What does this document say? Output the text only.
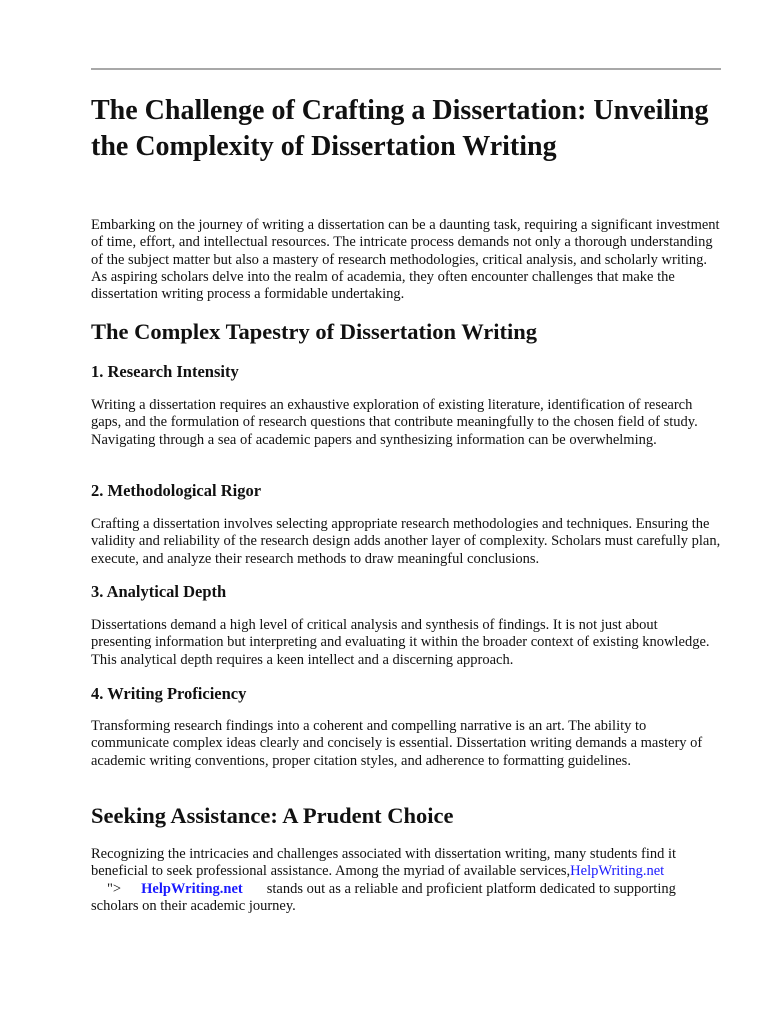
The Challenge of Crafting a Dissertation: Unveiling the Complexity of Dissertation Writing

Embarking on the journey of writing a dissertation can be a daunting task, requiring a significant investment of time, effort, and intellectual resources. The intricate process demands not only a thorough understanding of the subject matter but also a mastery of research methodologies, critical analysis, and scholarly writing. As aspiring scholars delve into the realm of academia, they often encounter challenges that make the dissertation writing process a formidable undertaking.

The Complex Tapestry of Dissertation Writing
1. Research Intensity

Writing a dissertation requires an exhaustive exploration of existing literature, identification of research gaps, and the formulation of research questions that contribute meaningfully to the chosen field of study. Navigating through a sea of academic papers and synthesizing information can be overwhelming.

2. Methodological Rigor

Crafting a dissertation involves selecting appropriate research methodologies and techniques. Ensuring the validity and reliability of the research design adds another layer of complexity. Scholars must carefully plan, execute, and analyze their research methods to draw meaningful conclusions.

3. Analytical Depth

Dissertations demand a high level of critical analysis and synthesis of findings. It is not just about presenting information but interpreting and evaluating it within the broader context of existing knowledge. This analytical depth requires a keen intellect and a discerning approach.

4. Writing Proficiency

Transforming research findings into a coherent and compelling narrative is an art. The ability to communicate complex ideas clearly and concisely is essential. Dissertation writing demands a mastery of academic writing conventions, proper citation styles, and adherence to formatting guidelines.

Seeking Assistance: A Prudent Choice

Recognizing the intricacies and challenges associated with dissertation writing, many students find it beneficial to seek professional assistance. Among the myriad of available services,HelpWriting.net
"> HelpWriting.net stands out as a reliable and proficient platform dedicated to supporting scholars on their academic journey.
